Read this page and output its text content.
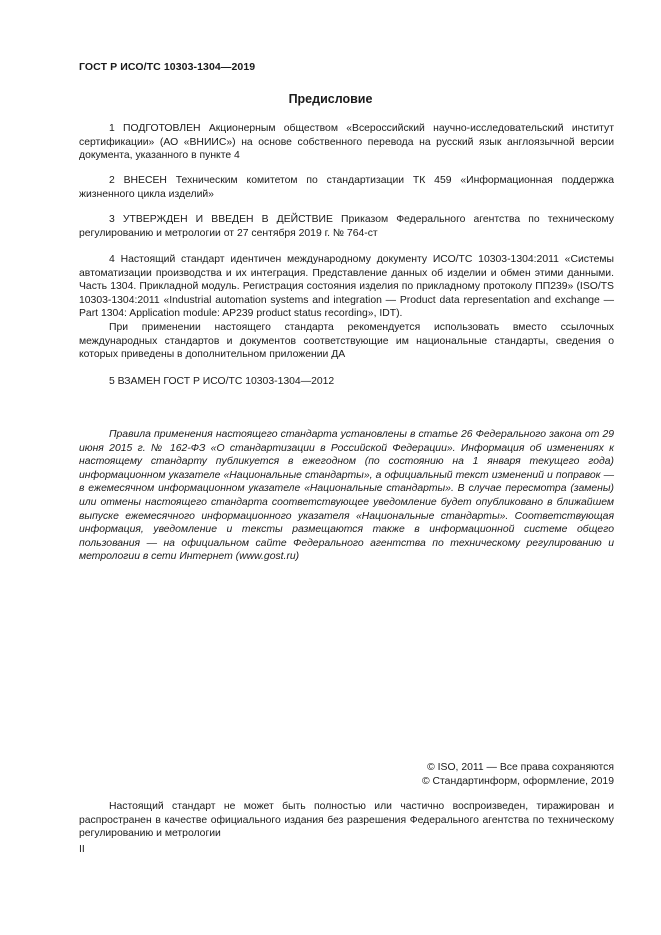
ГОСТ Р ИСО/ТС 10303-1304—2019
Предисловие
1 ПОДГОТОВЛЕН Акционерным обществом «Всероссийский научно-исследовательский институт сертификации» (АО «ВНИИС») на основе собственного перевода на русский язык англоязычной версии документа, указанного в пункте 4
2 ВНЕСЕН Техническим комитетом по стандартизации ТК 459 «Информационная поддержка жизненного цикла изделий»
3 УТВЕРЖДЕН И ВВЕДЕН В ДЕЙСТВИЕ Приказом Федерального агентства по техническому регулированию и метрологии от 27 сентября 2019 г. № 764-ст
4 Настоящий стандарт идентичен международному документу ИСО/ТС 10303-1304:2011 «Системы автоматизации производства и их интеграция. Представление данных об изделии и обмен этими данными. Часть 1304. Прикладной модуль. Регистрация состояния изделия по прикладному протоколу ПП239» (ISO/TS 10303-1304:2011 «Industrial automation systems and integration — Product data representation and exchange — Part 1304: Application module: AP239 product status recording», IDT).
При применении настоящего стандарта рекомендуется использовать вместо ссылочных международных стандартов и документов соответствующие им национальные стандарты, сведения о которых приведены в дополнительном приложении ДА
5 ВЗАМЕН ГОСТ Р ИСО/ТС 10303-1304—2012
Правила применения настоящего стандарта установлены в статье 26 Федерального закона от 29 июня 2015 г. № 162-ФЗ «О стандартизации в Российской Федерации». Информация об изменениях к настоящему стандарту публикуется в ежегодном (по состоянию на 1 января текущего года) информационном указателе «Национальные стандарты», а официальный текст изменений и поправок — в ежемесячном информационном указателе «Национальные стандарты». В случае пересмотра (замены) или отмены настоящего стандарта соответствующее уведомление будет опубликовано в ближайшем выпуске ежемесячного информационного указателя «Национальные стандарты». Соответствующая информация, уведомление и тексты размещаются также в информационной системе общего пользования — на официальном сайте Федерального агентства по техническому регулированию и метрологии в сети Интернет (www.gost.ru)
© ISO, 2011 — Все права сохраняются
© Стандартинформ, оформление, 2019
Настоящий стандарт не может быть полностью или частично воспроизведен, тиражирован и распространен в качестве официального издания без разрешения Федерального агентства по техническому регулированию и метрологии
II
